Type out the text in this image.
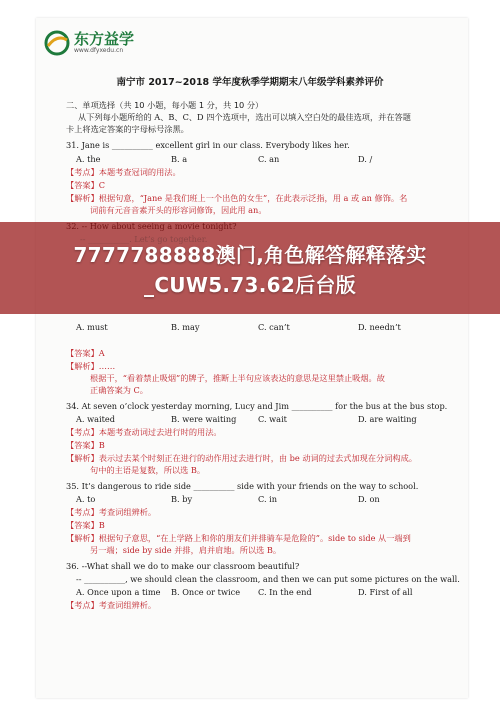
东方益学
www.dfyxedu.cn
南宁市 2017~2018 学年度秋季学期期末八年级学科素养评价
二、单项选择（共 10 小题，每小题 1 分，共 10 分）
从下列每小题所给的 A、B、C、D 四个选项中，选出可以填入空白处的最佳选项，并在答题
卡上将选定答案的字母标号涂黑。
31. Jane is __________ excellent girl in our class. Everybody likes her.
A. the	B. a	C. an	D. /
【考点】本题考查冠词的用法。
【答案】C
【解析】根据句意，“Jane 是我们班上一个出色的女生”，在此表示泛指，用 a 或 an 修饰。名
词前有元音音素开头的形容词修饰，因此用 an。
7777788888澳门,角色解答解释落实
_CUW5.73.62后台版
-- __________. Let’s go together.
A. must	B. may	C. can’t	D. needn’t
【答案】A
【解析】……
根据干，“看着禁止吸烟”的牌子，推断上半句应该表达的意思是这里禁止吸烟。故
正确答案为 C。
34. At seven o’clock yesterday morning, Lucy and Jim __________ for the bus at the bus stop.
A. waited	B. were waiting	C. wait	D. are waiting
【考点】本题考查动词过去进行时的用法。
【答案】B
【解析】表示过去某个时刻正在进行的动作用过去进行时，由 be 动词的过去式加现在分词构成。
句中的主语是复数，所以选 B。
35. It’s dangerous to ride side __________ side with your friends on the way to school.
A. to	B. by	C. in	D. on
【考点】考查词组辨析。
【答案】B
【解析】根据句子意思，“在上学路上和你的朋友们并排骑车是危险的”。side to side 从一端到
另一端；side by side 并排，肩并肩地。所以选 B。
36. --What shall we do to make our classroom beautiful?
-- __________, we should clean the classroom, and then we can put some pictures on the wall.
A. Once upon a time B. Once or twice C. In the end	D. First of all
【考点】考查词组辨析。
